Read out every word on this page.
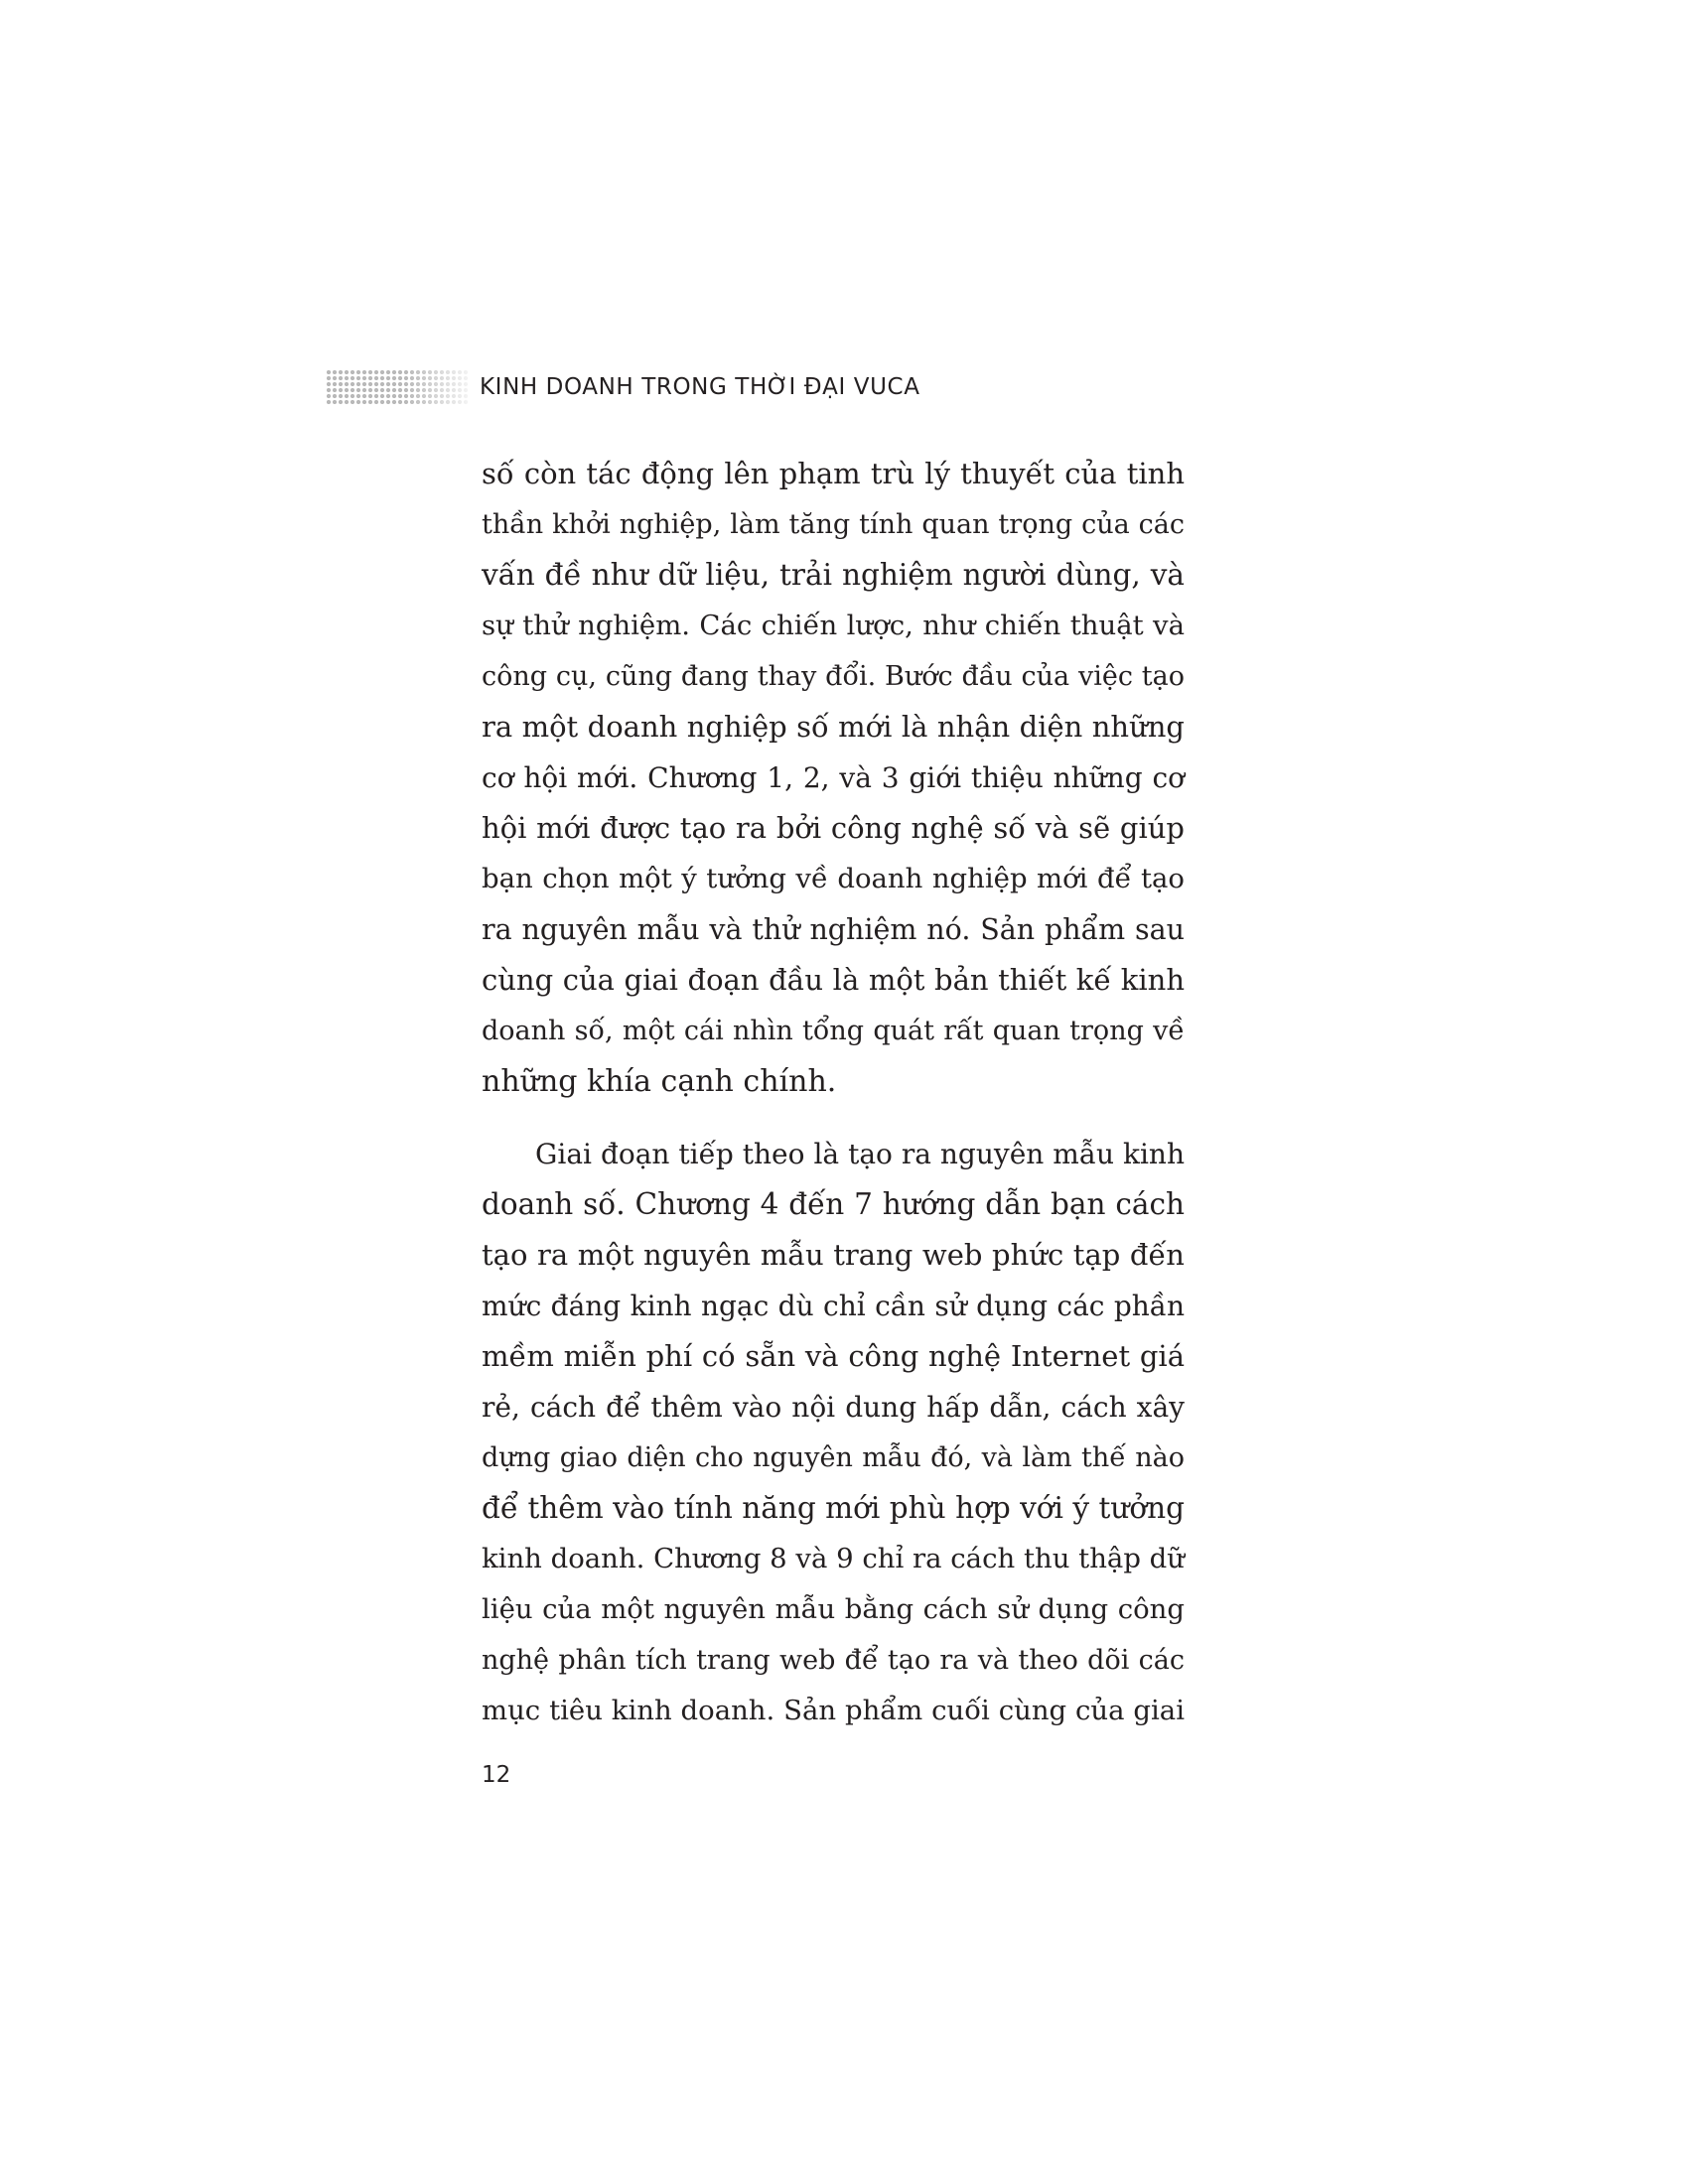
KINH DOANH TRONG THỜI ĐẠI VUCA
số còn tác động lên phạm trù lý thuyết của tinh
thần khởi nghiệp, làm tăng tính quan trọng của các
vấn đề như dữ liệu, trải nghiệm người dùng, và
sự thử nghiệm. Các chiến lược, như chiến thuật và
công cụ, cũng đang thay đổi. Bước đầu của việc tạo
ra một doanh nghiệp số mới là nhận diện những
cơ hội mới. Chương 1, 2, và 3 giới thiệu những cơ
hội mới được tạo ra bởi công nghệ số và sẽ giúp
bạn chọn một ý tưởng về doanh nghiệp mới để tạo
ra nguyên mẫu và thử nghiệm nó. Sản phẩm sau
cùng của giai đoạn đầu là một bản thiết kế kinh
doanh số, một cái nhìn tổng quát rất quan trọng về
những khía cạnh chính.
Giai đoạn tiếp theo là tạo ra nguyên mẫu kinh
doanh số. Chương 4 đến 7 hướng dẫn bạn cách
tạo ra một nguyên mẫu trang web phức tạp đến
mức đáng kinh ngạc dù chỉ cần sử dụng các phần
mềm miễn phí có sẵn và công nghệ Internet giá
rẻ, cách để thêm vào nội dung hấp dẫn, cách xây
dựng giao diện cho nguyên mẫu đó, và làm thế nào
để thêm vào tính năng mới phù hợp với ý tưởng
kinh doanh. Chương 8 và 9 chỉ ra cách thu thập dữ
liệu của một nguyên mẫu bằng cách sử dụng công
nghệ phân tích trang web để tạo ra và theo dõi các
mục tiêu kinh doanh. Sản phẩm cuối cùng của giai
12
